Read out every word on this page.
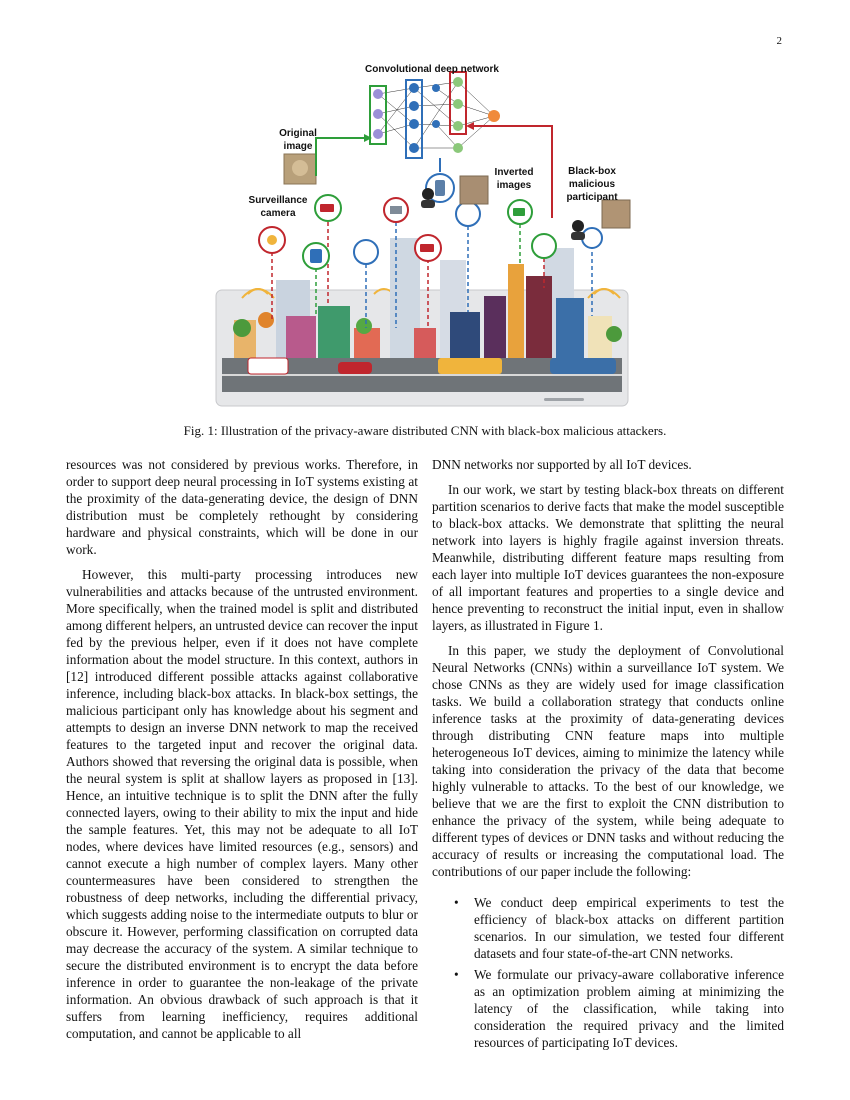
2
Convolutional deep network
Original
image
Surveillance
camera
Inverted
images
Black-box
malicious
participant
Fig. 1: Illustration of the privacy-aware distributed CNN with black-box malicious attackers.

resources was not considered by previous works. Therefore, in order to support deep neural processing in IoT systems existing at the proximity of the data-generating device, the design of DNN distribution must be completely rethought by considering hardware and physical constraints, which will be done in our work.

However, this multi-party processing introduces new vulnerabilities and attacks because of the untrusted environment. More specifically, when the trained model is split and distributed among different helpers, an untrusted device can recover the input fed by the previous helper, even if it does not have complete information about the model structure. In this context, authors in [12] introduced different possible attacks against collaborative inference, including black-box attacks. In black-box settings, the malicious participant only has knowledge about his segment and attempts to design an inverse DNN network to map the received features to the targeted input and recover the original data. Authors showed that reversing the original data is possible, when the neural system is split at shallow layers as proposed in [13]. Hence, an intuitive technique is to split the DNN after the fully connected layers, owing to their ability to mix the input and hide the sample features. Yet, this may not be adequate to all IoT nodes, where devices have limited resources (e.g., sensors) and cannot execute a high number of complex layers. Many other countermeasures have been considered to strengthen the robustness of deep networks, including the differential privacy, which suggests adding noise to the intermediate outputs to blur or obscure it. However, performing classification on corrupted data may decrease the accuracy of the system. A similar technique to secure the distributed environment is to encrypt the data before inference in order to guarantee the non-leakage of the private information. An obvious drawback of such approach is that it suffers from learning inefficiency, requires additional computation, and cannot be applicable to all

DNN networks nor supported by all IoT devices.

In our work, we start by testing black-box threats on different partition scenarios to derive facts that make the model susceptible to black-box attacks. We demonstrate that splitting the neural network into layers is highly fragile against inversion threats. Meanwhile, distributing different feature maps resulting from each layer into multiple IoT devices guarantees the non-exposure of all important features and properties to a single device and hence preventing to reconstruct the initial input, even in shallow layers, as illustrated in Figure 1.

In this paper, we study the deployment of Convolutional Neural Networks (CNNs) within a surveillance IoT system. We chose CNNs as they are widely used for image classification tasks. We build a collaboration strategy that conducts online inference tasks at the proximity of data-generating devices through distributing CNN feature maps into multiple heterogeneous IoT devices, aiming to minimize the latency while taking into consideration the privacy of the data that become highly vulnerable to attacks. To the best of our knowledge, we believe that we are the first to exploit the CNN distribution to enhance the privacy of the system, while being adequate to different types of devices or DNN tasks and without reducing the accuracy of results or increasing the computational load. The contributions of our paper include the following:

• We conduct deep empirical experiments to test the efficiency of black-box attacks on different partition scenarios. In our simulation, we tested four different datasets and four state-of-the-art CNN networks.
• We formulate our privacy-aware collaborative inference as an optimization problem aiming at minimizing the latency of the classification, while taking into consideration the required privacy and the limited resources of participating IoT devices.
